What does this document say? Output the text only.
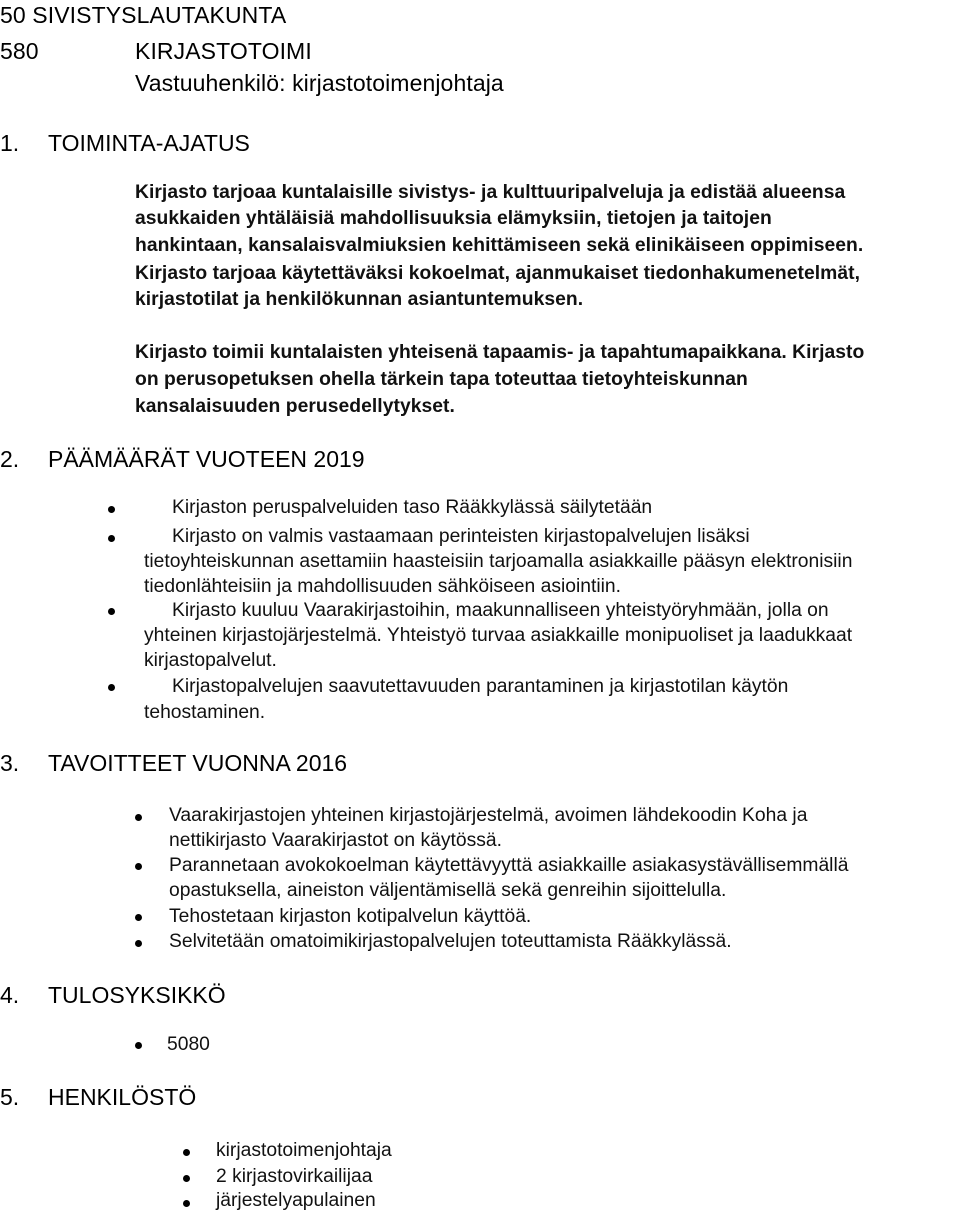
50 SIVISTYSLAUTAKUNTA
580	KIRJASTOTOIMI
Vastuuhenkilö: kirjastotoimenjohtaja
1. TOIMINTA-AJATUS
Kirjasto tarjoaa kuntalaisille sivistys- ja kulttuuripalveluja ja edistää alueensa
asukkaiden yhtäläisiä mahdollisuuksia elämyksiin, tietojen ja taitojen
hankintaan, kansalaisvalmiuksien kehittämiseen sekä elinikäiseen oppimiseen.
Kirjasto tarjoaa käytettäväksi kokoelmat, ajanmukaiset tiedonhakumenetelmät,
kirjastotilat ja henkilökunnan asiantuntemuksen.
Kirjasto toimii kuntalaisten yhteisenä tapaamis- ja tapahtumapaikkana. Kirjasto
on perusopetuksen ohella tärkein tapa toteuttaa tietoyhteiskunnan
kansalaisuuden perusedellytykset.
2. PÄÄMÄÄRÄT VUOTEEN 2019
Kirjaston peruspalveluiden taso Rääkkylässä säilytetään
Kirjasto on valmis vastaamaan perinteisten kirjastopalvelujen lisäksi
tietoyhteiskunnan asettamiin haasteisiin tarjoamalla asiakkaille pääsyn elektronisiin
tiedonlähteisiin ja mahdollisuuden sähköiseen asiointiin.
Kirjasto kuuluu Vaarakirjastoihin, maakunnalliseen yhteistyöryhmään, jolla on
yhteinen kirjastojärjestelmä. Yhteistyö turvaa asiakkaille monipuoliset ja laadukkaat
kirjastopalvelut.
Kirjastopalvelujen saavutettavuuden parantaminen ja kirjastotilan käytön
tehostaminen.
3. TAVOITTEET VUONNA 2016
Vaarakirjastojen yhteinen kirjastojärjestelmä, avoimen lähdekoodin Koha ja
nettikirjasto Vaarakirjastot on käytössä.
Parannetaan avokokoelman käytettävyyttä asiakkaille asiakasystävällisemmällä
opastuksella, aineiston väljentämisellä sekä genreihin sijoittelulla.
Tehostetaan kirjaston kotipalvelun käyttöä.
Selvitetään omatoimikirjastopalvelujen toteuttamista Rääkkylässä.
4. TULOSYKSIKKÖ
5080
5. HENKILÖSTÖ
kirjastotoimenjohtaja
2 kirjastovirkailijaa
järjestelyapulainen
